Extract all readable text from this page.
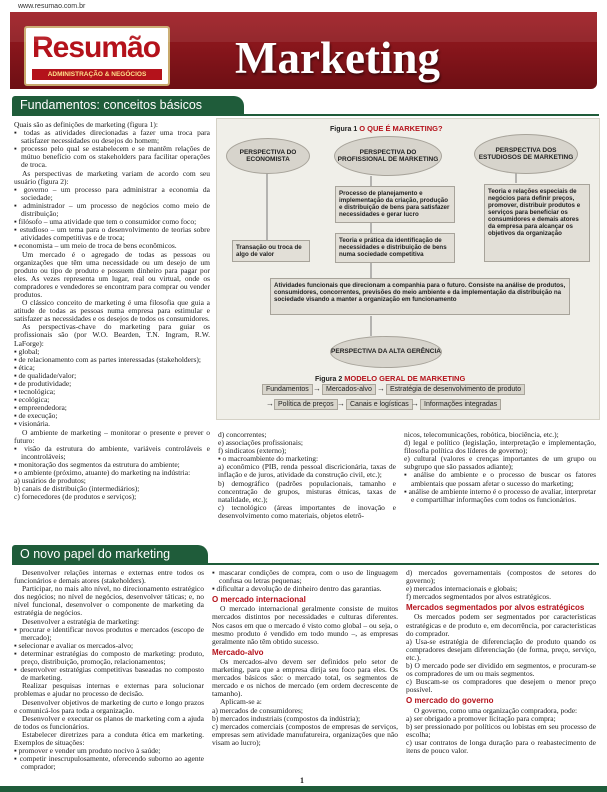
www.resumao.com.br
Resumão
ADMINISTRAÇÃO & NEGÓCIOS	Marketing
Fundamentos: conceitos básicos

Quais são as definições de marketing (figura 1):

▪ todas as atividades direcionadas a fazer uma troca para satisfazer necessidades ou desejos do homem;

▪ processo pelo qual se estabelecem e se mantêm relações de mútuo benefício com os stakeholders para facilitar operações de troca.

As perspectivas de marketing variam de acordo com seu usuário (figura 2):

▪ governo – um processo para administrar a economia da sociedade;

▪ administrador – um processo de negócios como meio de distribuição;

▪ filósofo – uma atividade que tem o consumidor como foco;

▪ estudioso – um tema para o desenvolvimento de teorias sobre atividades competitivas e de troca;

▪ economista – um meio de troca de bens econômicos.

Um mercado é o agregado de todas as pessoas ou organizações que têm uma necessidade ou um desejo de um produto ou tipo de produto e possuem dinheiro para pagar por eles. As vezes representa um lugar, real ou virtual, onde os compradores e vendedores se encontram para comprar ou vender produtos.

O clássico conceito de marketing é uma filosofia que guia a atitude de todas as pessoas numa empresa para estimular e satisfazer as necessidades e os desejos de todos os consumidores.

As perspectivas-chave do marketing para guiar os profissionais são (por W.O. Bearden, T.N. Ingram, R.W. LaForge):

▪ global;

▪ de relacionamento com as partes interessadas (stakeholders);

▪ ética;

▪ de qualidade/valor;

▪ de produtividade;

▪ tecnológica;

▪ ecológica;

▪ empreendedora;

▪ de execução;

▪ visionária.

O ambiente de marketing – monitorar o presente e prever o futuro:

▪ visão da estrutura do ambiente, variáveis controláveis e incontroláveis;

▪ monitoração dos segmentos da estrutura do ambiente;

▪ o ambiente (próximo, atuante) do marketing na indústria:

a) usuários de produtos;

b) canais de distribuição (intermediários);

c) fornecedores (de produtos e serviços);

Figura 1 O QUE É MARKETING?
PERSPECTIVA DO ECONOMISTA
PERSPECTIVA DO PROFISSIONAL DE MARKETING
PERSPECTIVA DOS ESTUDIOSOS DE MARKETING
Processo de planejamento e implementação da criação, produção e distribuição de bens para satisfazer necessidades e gerar lucro
Teoria e relações especiais de negócios para definir preços, promover, distribuir produtos e serviços para beneficiar os consumidores e demais atores da empresa para alcançar os objetivos da organização
Teoria e prática da identificação de necessidades e distribuição de bens numa sociedade competitiva
Transação ou troca de algo de valor
Atividades funcionais que direcionam a companhia para o futuro. Consiste na análise de produtos, consumidores, concorrentes, previsões do meio ambiente e da implementação da distribuição na sociedade visando a manter a organização em funcionamento
PERSPECTIVA DA ALTA GERÊNCIA
Figura 2 MODELO GERAL DE MARKETING
Fundamentos → Mercados-alvo → Estratégia de desenvolvimento de produto
→ Política de preços → Canais e logísticas → Informações integradas

d) concorrentes;

e) associações profissionais;

f) sindicatos (externo);

▪ o macroambiente do marketing:

a) econômico (PIB, renda pessoal discricionária, taxas de inflação e de juros, atividade da construção civil, etc.);

b) demográfico (padrões populacionais, tamanho e concentração de grupos, misturas étnicas, taxas de natalidade, etc.);

c) tecnológico (áreas importantes de inovação e desenvolvimento como materiais, objetos eletrô-

nicos, telecomunicações, robótica, biociência, etc.);

d) legal e político (legislação, interpretação e implementação, filosofia política dos líderes de governo);

e) cultural (valores e crenças importantes de um grupo ou subgrupo que são passados adiante);

▪ análise do ambiente e o processo de buscar os fatores ambientais que possam afetar o sucesso do marketing;

▪ análise de ambiente interno é o processo de avaliar, interpretar e compartilhar informações com todos os funcionários.

O novo papel do marketing

Desenvolver relações internas e externas entre todos os funcionários e demais atores (stakeholders).

Participar, no mais alto nível, no direcionamento estratégico dos negócios; no nível de negócios, desenvolver táticas; e, no nível funcional, desenvolver o componente de marketing da estratégia de negócios.

Desenvolver a estratégia de marketing:

▪ procurar e identificar novos produtos e mercados (escopo de mercado);

▪ selecionar e avaliar os mercados-alvo;

▪ determinar estratégias do composto de marketing: produto, preço, distribuição, promoção, relacionamentos;

▪ desenvolver estratégias competitivas baseadas no composto de marketing.

Realizar pesquisas internas e externas para solucionar problemas e ajudar no processo de decisão.

Desenvolver objetivos de marketing de curto e longo prazos e comunicá-los para toda a organização.

Desenvolver e executar os planos de marketing com a ajuda de todos os funcionários.

Estabelecer diretrizes para a conduta ética em marketing. Exemplos de situações:

▪ promover e vender um produto nocivo à saúde;

▪ competir inescrupulosamente, oferecendo suborno ao agente comprador;

▪ mascarar condições de compra, com o uso de linguagem confusa ou letras pequenas;

▪ dificultar a devolução de dinheiro dentro das garantias.

O mercado internacional

O mercado internacional geralmente consiste de muitos mercados distintos por necessidades e culturas diferentes. Nos casos em que o mercado é visto como global – ou seja, o mesmo produto é vendido em todo mundo –, as empresas geralmente não têm obtido sucesso.

Mercado-alvo

Os mercados-alvo devem ser definidos pelo setor de marketing, para que a empresa dirija seu foco para eles. Os mercados básicos são: o mercado total, os segmentos de mercado e os nichos de mercado (em ordem decrescente de tamanho).

Aplicam-se a:

a) mercados de consumidores;

b) mercados industriais (compostos da indústria);

c) mercados comerciais (compostos de empresas de serviços, empresas sem atividade manufatureira, organizações que não visam ao lucro);

d) mercados governamentais (compostos de setores do governo);

e) mercados internacionais e globais;

f) mercados segmentados por alvos estratégicos.

Mercados segmentados por alvos estratégicos

Os mercados podem ser segmentados por características estratégicas e de produto e, em decorrência, por características do comprador.

a) Usa-se estratégia de diferenciação de produto quando os compradores desejam diferenciação (de forma, preço, serviço, etc.).

b) O mercado pode ser dividido em segmentos, e procuram-se os compradores de um ou mais segmentos.

c) Buscam-se os compradores que desejem o menor preço possível.

O mercado do governo

O governo, como uma organização compradora, pode:

a) ser obrigado a promover licitação para compra;

b) ser pressionado por políticos ou lobistas em seu processo de escolha;

c) usar contratos de longa duração para o reabastecimento de itens de pouco valor.

1
